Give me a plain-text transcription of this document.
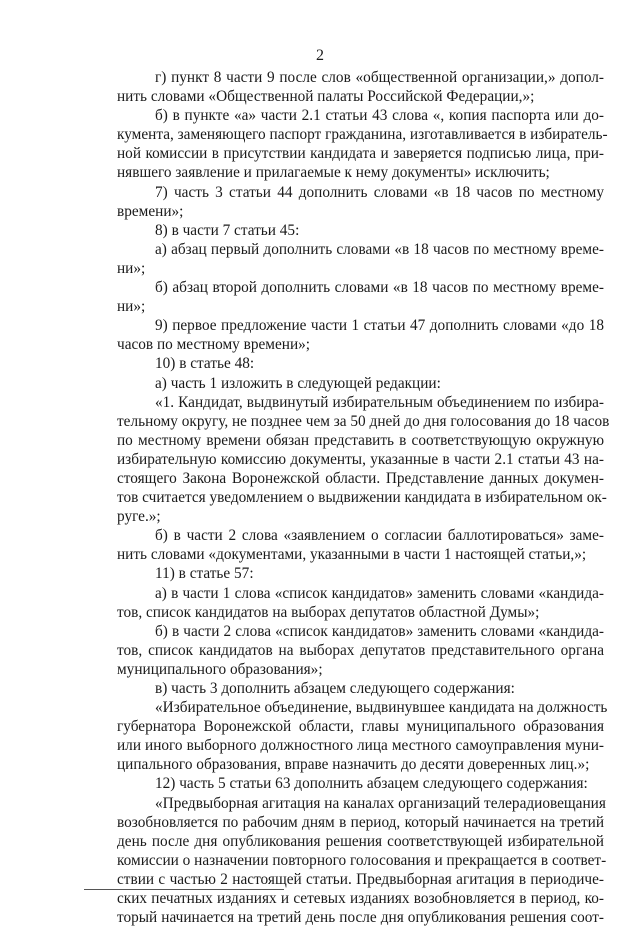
2
г) пункт 8 части 9 после слов «общественной организации,» допол-
нить словами «Общественной палаты Российской Федерации,»;
б) в пункте «а» части 2.1 статьи 43 слова «, копия паспорта или до-
кумента, заменяющего паспорт гражданина, изготавливается в избиратель-
ной комиссии в присутствии кандидата и заверяется подписью лица, при-
нявшего заявление и прилагаемые к нему документы» исключить;
7) часть 3 статьи 44 дополнить словами «в 18 часов по местному
времени»;
8) в части 7 статьи 45:
а) абзац первый дополнить словами «в 18 часов по местному време-
ни»;
б) абзац второй дополнить словами «в 18 часов по местному време-
ни»;
9) первое предложение части 1 статьи 47 дополнить словами «до 18
часов по местному времени»;
10) в статье 48:
а) часть 1 изложить в следующей редакции:
«1. Кандидат, выдвинутый избирательным объединением по избира-
тельному округу, не позднее чем за 50 дней до дня голосования до 18 часов
по местному времени обязан представить в соответствующую окружную
избирательную комиссию документы, указанные в части 2.1 статьи 43 на-
стоящего Закона Воронежской области. Представление данных докумен-
тов считается уведомлением о выдвижении кандидата в избирательном ок-
руге.»;
б) в части 2 слова «заявлением о согласии баллотироваться» заме-
нить словами «документами, указанными в части 1 настоящей статьи,»;
11) в статье 57:
а) в части 1 слова «список кандидатов» заменить словами «кандида-
тов, список кандидатов на выборах депутатов областной Думы»;
б) в части 2 слова «список кандидатов» заменить словами «кандида-
тов, список кандидатов на выборах депутатов представительного органа
муниципального образования»;
в) часть 3 дополнить абзацем следующего содержания:
«Избирательное объединение, выдвинувшее кандидата на должность
губернатора Воронежской области, главы муниципального образования
или иного выборного должностного лица местного самоуправления муни-
ципального образования, вправе назначить до десяти доверенных лиц.»;
12) часть 5 статьи 63 дополнить абзацем следующего содержания:
«Предвыборная агитация на каналах организаций телерадиовещания
возобновляется по рабочим дням в период, который начинается на третий
день после дня опубликования решения соответствующей избирательной
комиссии о назначении повторного голосования и прекращается в соответ-
ствии с частью 2 настоящей статьи. Предвыборная агитация в периодиче-
ских печатных изданиях и сетевых изданиях возобновляется в период, ко-
торый начинается на третий день после дня опубликования решения соот-
